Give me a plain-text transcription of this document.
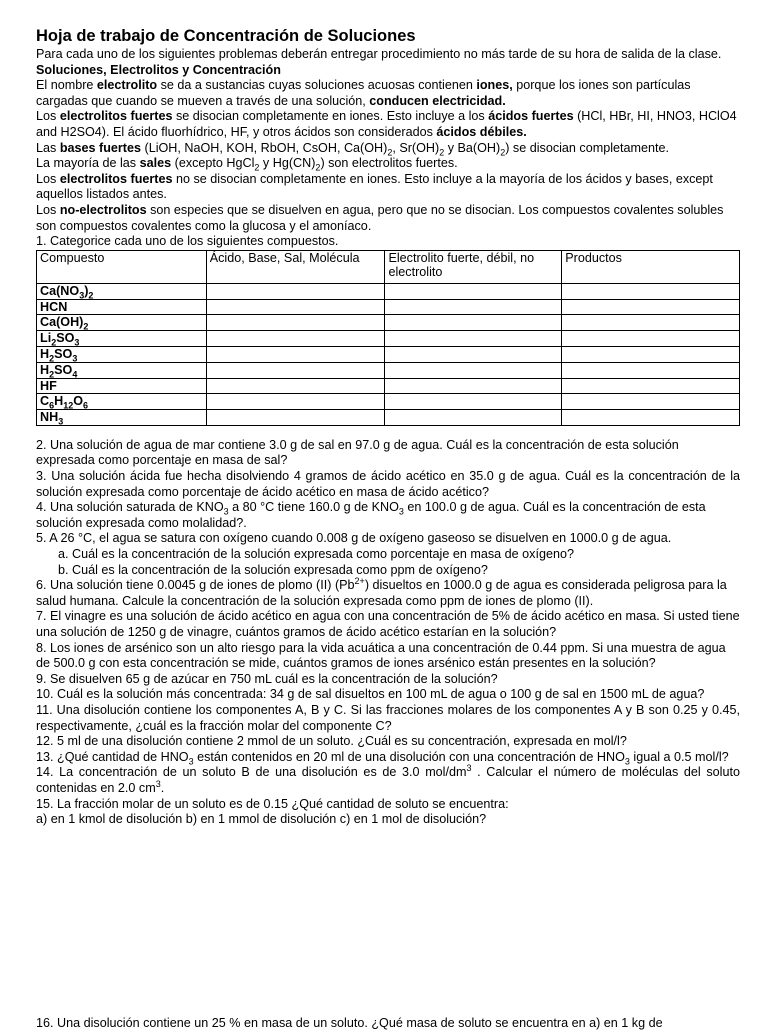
Hoja de trabajo de Concentración de Soluciones

Para cada uno de los siguientes problemas deberán entregar procedimiento no más tarde de su hora de salida de la clase.

Soluciones, Electrolitos y Concentración

El nombre electrolito se da a sustancias cuyas soluciones acuosas contienen iones, porque los iones son partículas cargadas que cuando se mueven a través de una solución, conducen electricidad.

Los electrolitos fuertes se disocian completamente en iones. Esto incluye a los ácidos fuertes (HCl, HBr, HI, HNO3, HClO4 and H2SO4). El ácido fluorhídrico, HF, y otros ácidos son considerados ácidos débiles.

Las bases fuertes (LiOH, NaOH, KOH, RbOH, CsOH, $Ca(OH)_2$, $Sr(OH)_2$ y $Ba(OH)_2$) se disocian completamente.

La mayoría de las sales (excepto HgCl$_2$ y $Hg(CN)_2$) son electrolitos fuertes.

Los electrolitos fuertes no se disocian completamente en iones. Esto incluye a la mayoría de los ácidos y bases, except aquellos listados antes.

Los no-electrolitos son especies que se disuelven en agua, pero que no se disocian. Los compuestos covalentes solubles son compuestos covalentes como la glucosa y el amoníaco.

1. Categorice cada uno de los siguientes compuestos.

Compuesto	Ácido, Base, Sal, Molécula	Electrolito fuerte, débil, no electrolito	Productos
$Ca(NO_3)_2$			
HCN			
$Ca(OH)_2$			
$Li_2SO_3$			
$H_2SO_3$			
$H_2SO_4$			
HF			
$C_6H_{12}O_6$			
$NH_3$			

2. Una solución de agua de mar contiene 3.0 g de sal en 97.0 g de agua. Cuál es la concentración de esta solución expresada como porcentaje en masa de sal?

3. Una solución ácida fue hecha disolviendo 4 gramos de ácido acético en 35.0 g de agua. Cuál es la concentración de la solución expresada como porcentaje de ácido acético en masa de ácido acético?

4. Una solución saturada de $KNO_3$ a 80 °C tiene 160.0 g de $KNO_3$ en 100.0 g de agua. Cuál es la concentración de esta solución expresada como molalidad?.

5. A 26 °C, el agua se satura con oxígeno cuando 0.008 g de oxígeno gaseoso se disuelven en 1000.0 g de agua.

a. Cuál es la concentración de la solución expresada como porcentaje en masa de oxígeno?

b. Cuál es la concentración de la solución expresada como ppm de oxígeno?

6. Una solución tiene 0.0045 g de iones de plomo (II) $(Pb^{2+})$ disueltos en 1000.0 g de agua es considerada peligrosa para la salud humana. Calcule la concentración de la solución expresada como ppm de iones de plomo (II).

7. El vinagre es una solución de ácido acético en agua con una concentración de 5% de ácido acético en masa. Si usted tiene una solución de 1250 g de vinagre, cuántos gramos de ácido acético estarían en la solución?

8. Los iones de arsénico son un alto riesgo para la vida acuática a una concentración de 0.44 ppm. Si una muestra de agua de 500.0 g con esta concentración se mide, cuántos gramos de iones arsénico están presentes en la solución?

9. Se disuelven 65 g de azúcar en 750 mL cuál es la concentración de la solución?

10. Cuál es la solución más concentrada: 34 g de sal disueltos en 100 mL de agua o 100 g de sal en 1500 mL de agua?

11. Una disolución contiene los componentes A, B y C. Si las fracciones molares de los componentes A y B son 0.25 y 0.45, respectivamente, ¿cuál es la fracción molar del componente C?

12. 5 ml de una disolución contiene 2 mmol de un soluto. ¿Cuál es su concentración, expresada en mol/l?

13. ¿Qué cantidad de $HNO_3$ están contenidos en 20 ml de una disolución con una concentración de $HNO_3$ igual a 0.5 mol/l?

14. La concentración de un soluto B de una disolución es de 3.0 mol/$dm^3$ . Calcular el número de moléculas del soluto contenidas en 2.0 $cm^3$.

15. La fracción molar de un soluto es de 0.15 ¿Qué cantidad de soluto se encuentra:

a) en 1 kmol de disolución b) en 1 mmol de disolución c) en 1 mol de disolución?

16. Una disolución contiene un 25 % en masa de un soluto. ¿Qué masa de soluto se encuentra en a) en 1 kg de
